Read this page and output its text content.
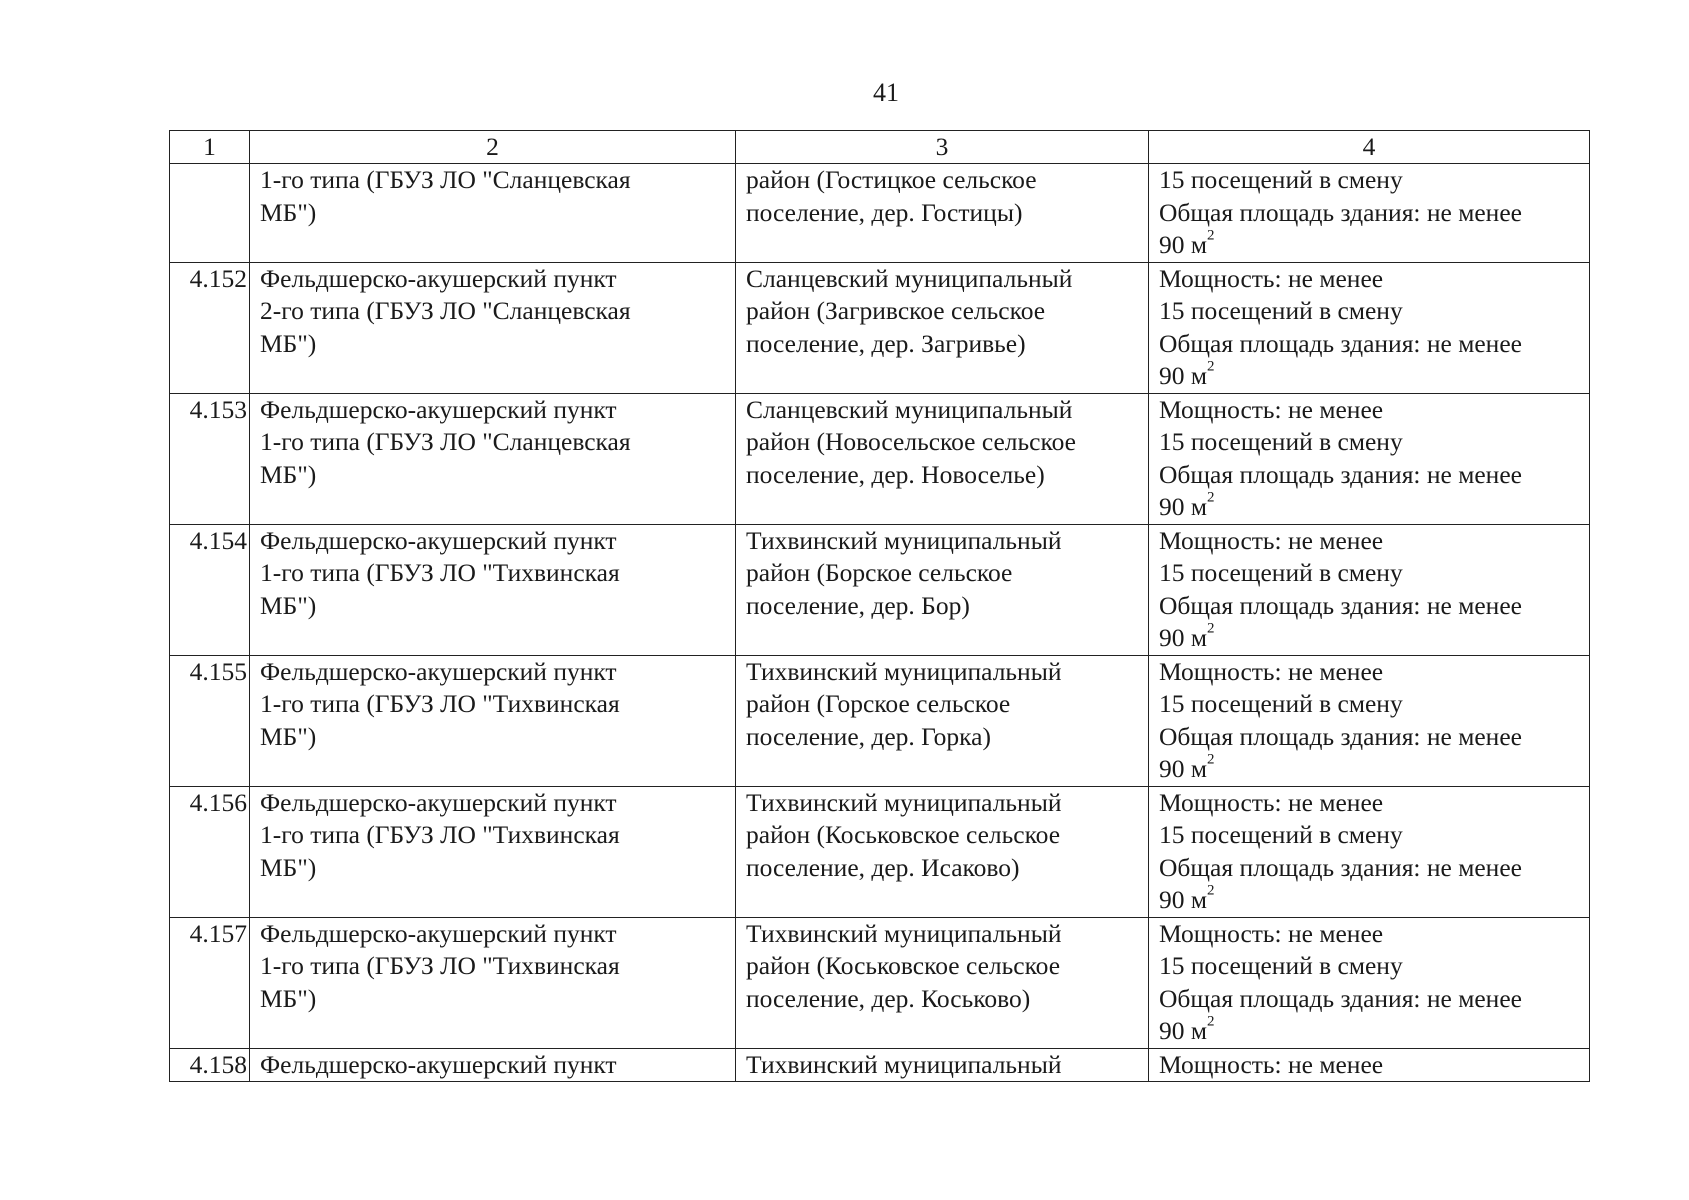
41
1	2	3	4

	1-го типа (ГБУЗ ЛО "Сланцевская
МБ")	район (Гостицкое сельское
поселение, дер. Гостицы)	15 посещений в смену
Общая площадь здания: не менее
90 $м^2$

4.152	Фельдшерско-акушерский пункт
2-го типа (ГБУЗ ЛО "Сланцевская
МБ")	Сланцевский муниципальный
район (Загривское сельское
поселение, дер. Загривье)	Мощность: не менее
15 посещений в смену
Общая площадь здания: не менее
90 $м^2$

4.153	Фельдшерско-акушерский пункт
1-го типа (ГБУЗ ЛО "Сланцевская
МБ")	Сланцевский муниципальный
район (Новосельское сельское
поселение, дер. Новоселье)	Мощность: не менее
15 посещений в смену
Общая площадь здания: не менее
90 $м^2$

4.154	Фельдшерско-акушерский пункт
1-го типа (ГБУЗ ЛО "Тихвинская
МБ")	Тихвинский муниципальный
район (Борское сельское
поселение, дер. Бор)	Мощность: не менее
15 посещений в смену
Общая площадь здания: не менее
90 $м^2$

4.155	Фельдшерско-акушерский пункт
1-го типа (ГБУЗ ЛО "Тихвинская
МБ")	Тихвинский муниципальный
район (Горское сельское
поселение, дер. Горка)	Мощность: не менее
15 посещений в смену
Общая площадь здания: не менее
90 $м^2$

4.156	Фельдшерско-акушерский пункт
1-го типа (ГБУЗ ЛО "Тихвинская
МБ")	Тихвинский муниципальный
район (Коськовское сельское
поселение, дер. Исаково)	Мощность: не менее
15 посещений в смену
Общая площадь здания: не менее
90 $м^2$

4.157	Фельдшерско-акушерский пункт
1-го типа (ГБУЗ ЛО "Тихвинская
МБ")	Тихвинский муниципальный
район (Коськовское сельское
поселение, дер. Коськово)	Мощность: не менее
15 посещений в смену
Общая площадь здания: не менее
90 $м^2$

4.158	Фельдшерско-акушерский пункт	Тихвинский муниципальный	Мощность: не менее
